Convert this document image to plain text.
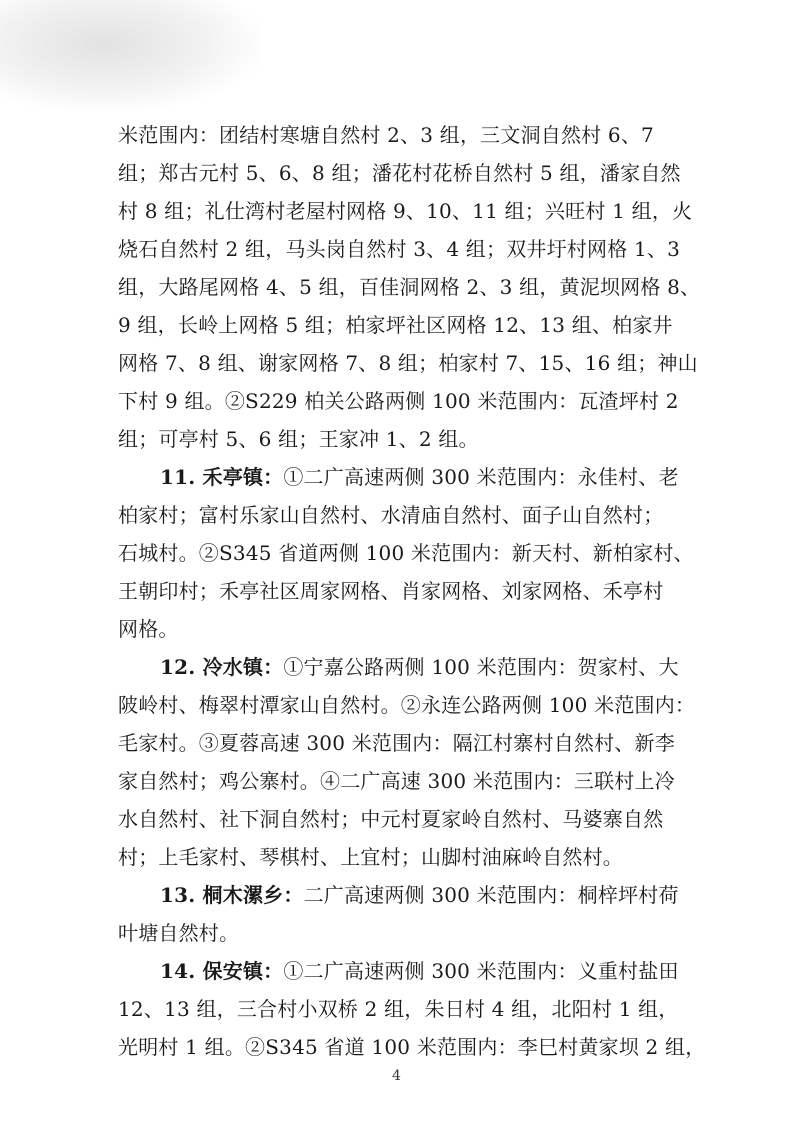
米范围内：团结村寒塘自然村 2、3 组，三文洞自然村 6、7
组；郑古元村 5、6、8 组；潘花村花桥自然村 5 组，潘家自然
村 8 组；礼仕湾村老屋村网格 9、10、11 组；兴旺村 1 组，火
烧石自然村 2 组，马头岗自然村 3、4 组；双井圩村网格 1、3
组，大路尾网格 4、5 组，百佳洞网格 2、3 组，黄泥坝网格 8、
9 组，长岭上网格 5 组；柏家坪社区网格 12、13 组、柏家井
网格 7、8 组、谢家网格 7、8 组；柏家村 7、15、16 组；神山
下村 9 组。②S229 柏关公路两侧 100 米范围内：瓦渣坪村 2
组；可亭村 5、6 组；王家冲 1、2 组。
11. 禾亭镇：①二广高速两侧 300 米范围内：永佳村、老
柏家村；富村乐家山自然村、水清庙自然村、面子山自然村；
石城村。②S345 省道两侧 100 米范围内：新天村、新柏家村、
王朝印村；禾亭社区周家网格、肖家网格、刘家网格、禾亭村
网格。
12. 冷水镇：①宁嘉公路两侧 100 米范围内：贺家村、大
陂岭村、梅翠村潭家山自然村。②永连公路两侧 100 米范围内：
毛家村。③夏蓉高速 300 米范围内：隔江村寨村自然村、新李
家自然村；鸡公寨村。④二广高速 300 米范围内：三联村上冷
水自然村、社下洞自然村；中元村夏家岭自然村、马婆寨自然
村；上毛家村、琴棋村、上宜村；山脚村油麻岭自然村。
13. 桐木漯乡：二广高速两侧 300 米范围内：桐梓坪村荷
叶塘自然村。
14. 保安镇：①二广高速两侧 300 米范围内：义重村盐田
12、13 组，三合村小双桥 2 组，朱日村 4 组，北阳村 1 组，
光明村 1 组。②S345 省道 100 米范围内：李巳村黄家坝 2 组，
4
